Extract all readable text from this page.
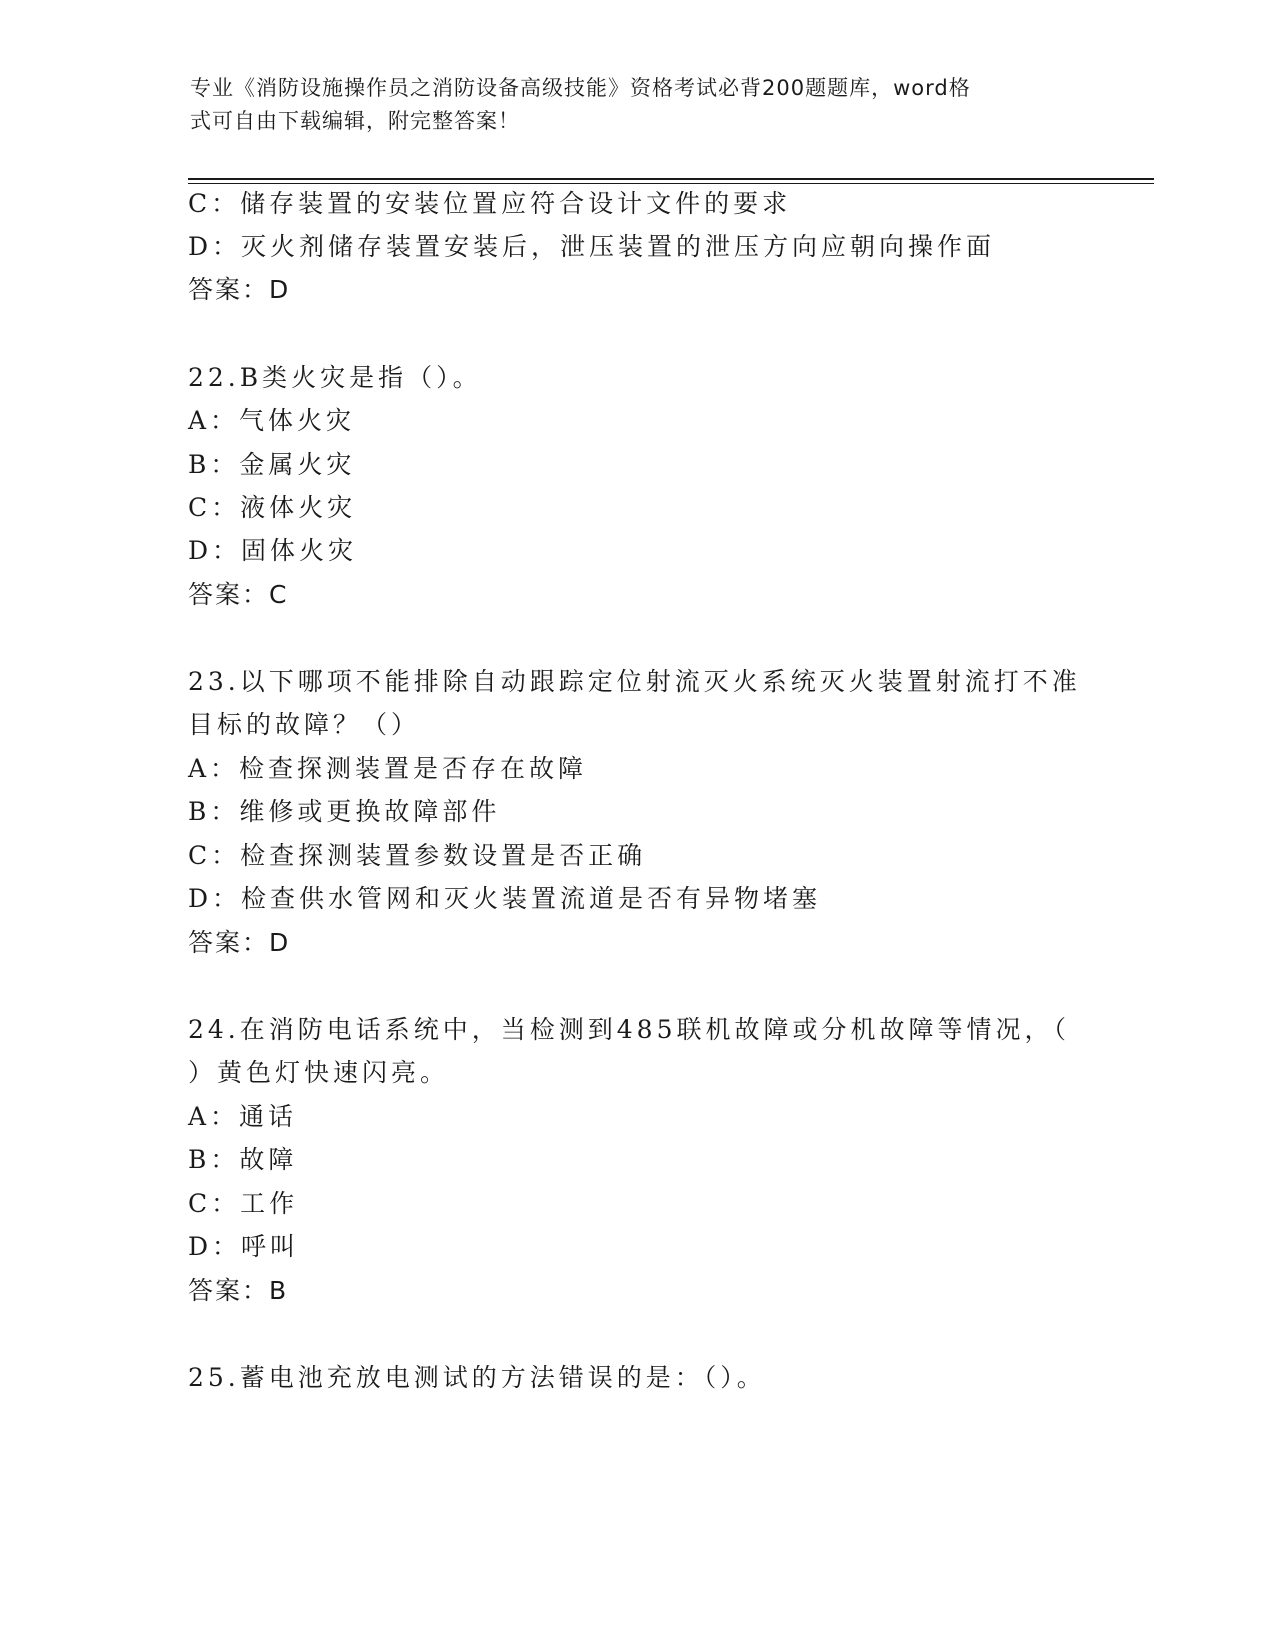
专业《消防设施操作员之消防设备高级技能》资格考试必背200题题库，word格
式可自由下载编辑，附完整答案！
C：储存装置的安装位置应符合设计文件的要求
D：灭火剂储存装置安装后，泄压装置的泄压方向应朝向操作面
答案：D
22.B类火灾是指（）。
A：气体火灾
B：金属火灾
C：液体火灾
D：固体火灾
答案：C
23.以下哪项不能排除自动跟踪定位射流灭火系统灭火装置射流打不准
目标的故障？（）
A：检查探测装置是否存在故障
B：维修或更换故障部件
C：检查探测装置参数设置是否正确
D：检查供水管网和灭火装置流道是否有异物堵塞
答案：D
24.在消防电话系统中，当检测到485联机故障或分机故障等情况，（
）黄色灯快速闪亮。
A：通话
B：故障
C：工作
D：呼叫
答案：B
25.蓄电池充放电测试的方法错误的是：（）。
